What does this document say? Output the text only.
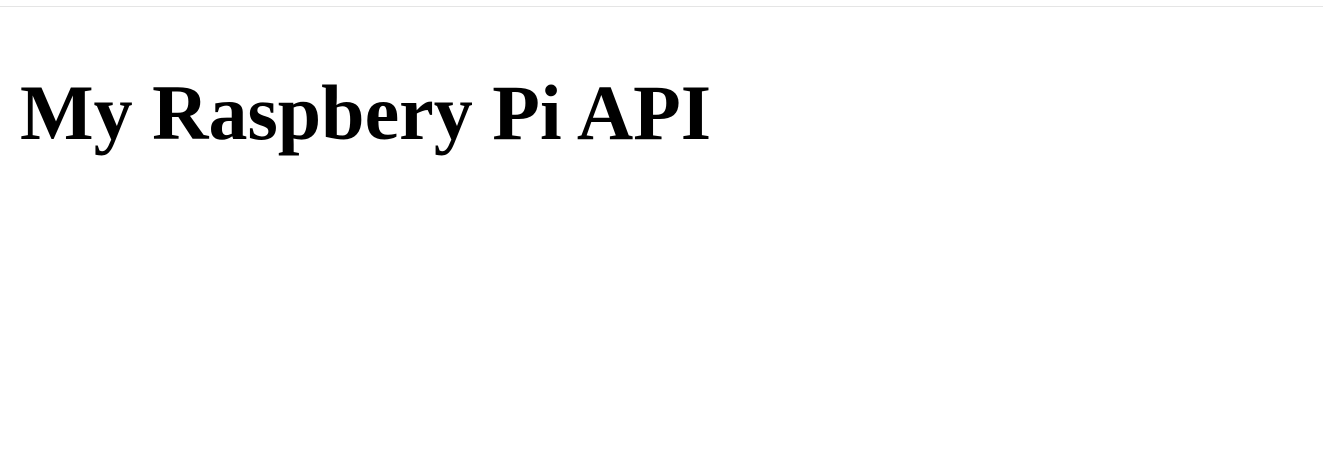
My Raspbery Pi API
